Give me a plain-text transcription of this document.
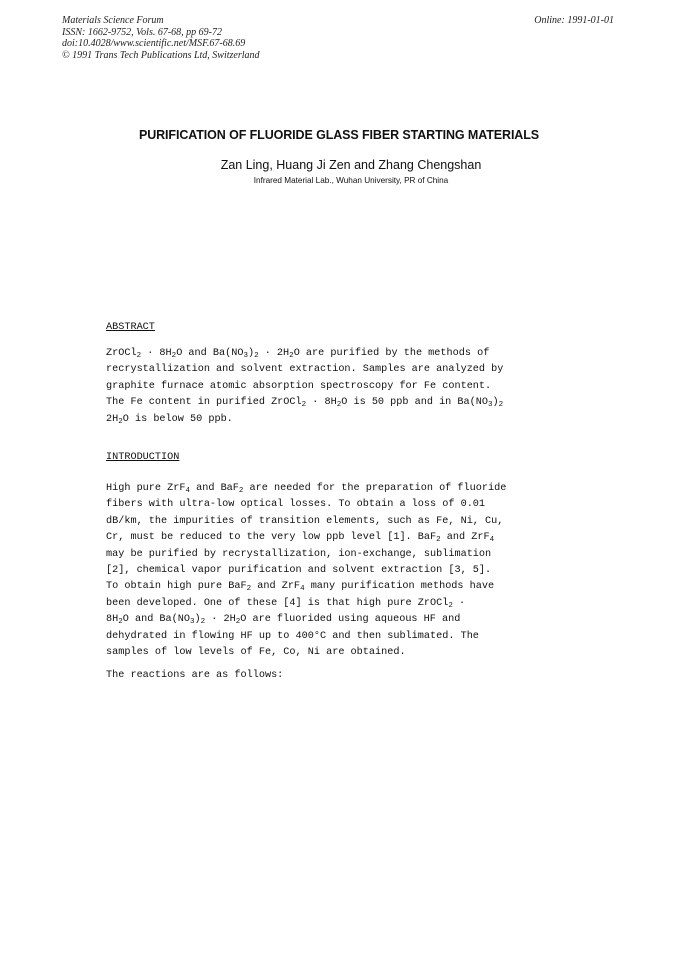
Materials Science Forum
ISSN: 1662-9752, Vols. 67-68, pp 69-72
doi:10.4028/www.scientific.net/MSF.67-68.69
© 1991 Trans Tech Publications Ltd, Switzerland
Online: 1991-01-01
PURIFICATION OF FLUORIDE GLASS FIBER STARTING MATERIALS
Zan Ling, Huang Ji Zen and Zhang Chengshan
Infrared Material Lab., Wuhan University, PR of China
ABSTRACT
ZrOCl$_2$ · $8H_2O$ and $Ba(NO_3)_2 \cdot 2H_2O$ are purified by the methods of
recrystallization and solvent extraction. Samples are analyzed by
graphite furnace atomic absorption spectroscopy for Fe content.
The Fe content in purified ZrOCl$_2$ · $8H_2O$ is 50 ppb and in $Ba(NO_3)_2$
$2H_2O$ is below 50 ppb.
INTRODUCTION
High pure ZrF$_4$ and BaF$_2$ are needed for the preparation of fluoride
fibers with ultra-low optical losses. To obtain a loss of 0.01
dB/km, the impurities of transition elements, such as Fe, Ni, Cu,
Cr, must be reduced to the very low ppb level [1]. BaF$_2$ and ZrF$_4$
may be purified by recrystallization, ion-exchange, sublimation
[2], chemical vapor purification and solvent extraction [3, 5].
To obtain high pure BaF$_2$ and ZrF$_4$ many purification methods have
been developed. One of these [4] is that high pure ZrOCl$_2$ ·
$8H_2O$ and $Ba(NO_3)_2 \cdot 2H_2O$ are fluorided using aqueous HF and
dehydrated in flowing HF up to 400°C and then sublimated. The
samples of low levels of Fe, Co, Ni are obtained.
The reactions are as follows:
